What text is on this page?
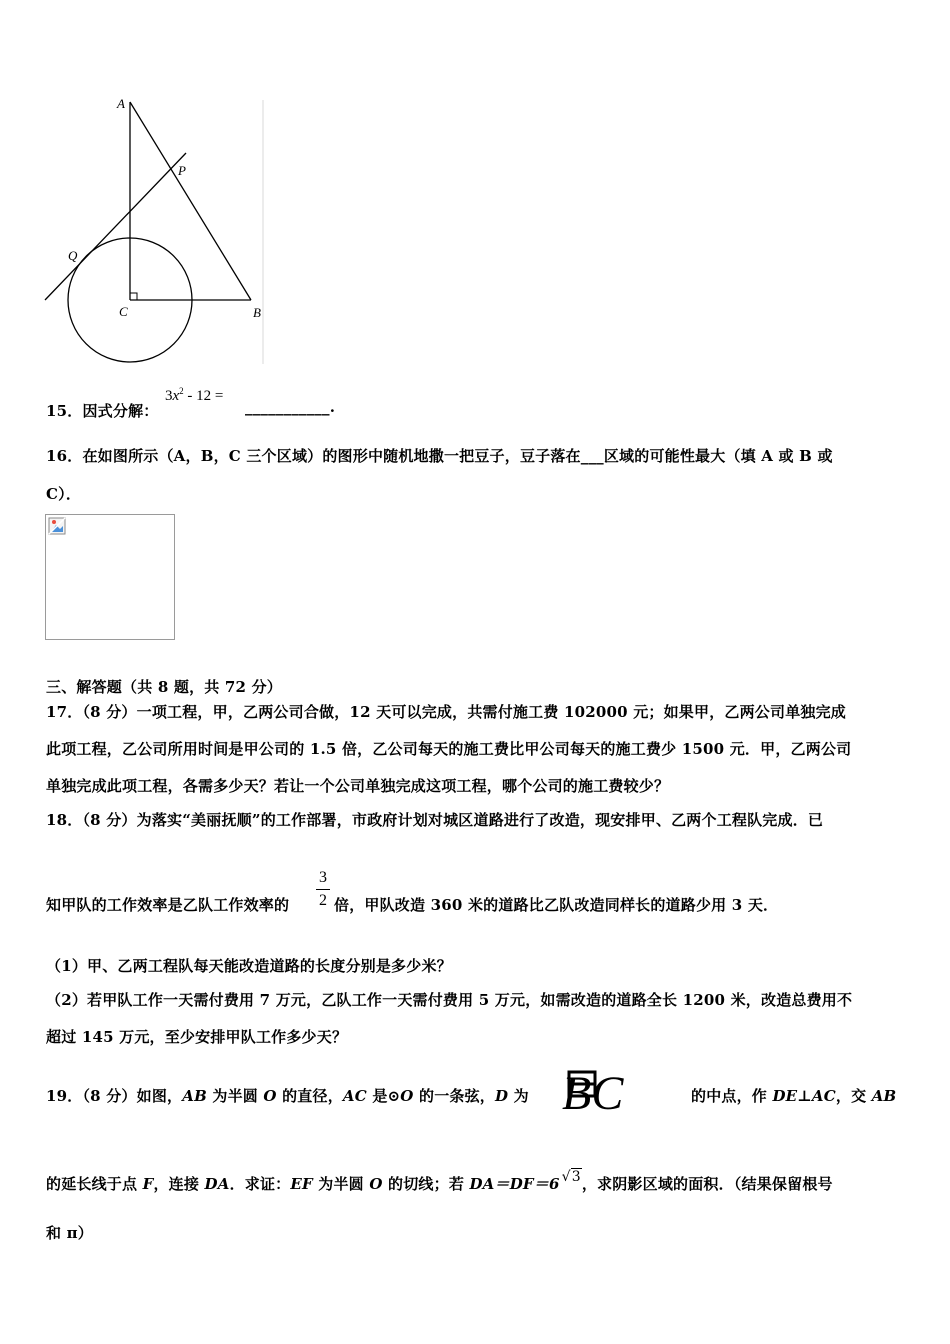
A
P
Q
C	B
15．因式分解：
$3x^2 - 12$ =
___________.
16．在如图所示（A，B，C 三个区域）的图形中随机地撒一把豆子，豆子落在___区域的可能性最大（填 A 或 B 或
C）．
三、解答题（共 8 题，共 72 分）
17．（8 分）一项工程，甲，乙两公司合做，12 天可以完成，共需付施工费 102000 元；如果甲，乙两公司单独完成
此项工程，乙公司所用时间是甲公司的 1.5 倍，乙公司每天的施工费比甲公司每天的施工费少 1500 元．甲，乙两公司
单独完成此项工程，各需多少天？若让一个公司单独完成这项工程，哪个公司的施工费较少？
18．（8 分）为落实“美丽抚顺”的工作部署，市政府计划对城区道路进行了改造，现安排甲、乙两个工程队完成．已
知甲队的工作效率是乙队工作效率的
3
2 倍，甲队改造 360 米的道路比乙队改造同样长的道路少用 3 天．
（1）甲、乙两工程队每天能改造道路的长度分别是多少米？
（2）若甲队工作一天需付费用 7 万元，乙队工作一天需付费用 5 万元，如需改造的道路全长 1200 米，改造总费用不
超过 145 万元，至少安排甲队工作多少天？
19．（8 分）如图，AB 为半圆 O 的直径，AC 是⊙O 的一条弦，D 为 BC	的中点，作 DE⊥AC，交 AB
的延长线于点 F，连接 DA．求证：EF 为半圆 O 的切线；若 DA＝DF＝6 √3，求阴影区域的面积．（结果保留根号
和 π）
